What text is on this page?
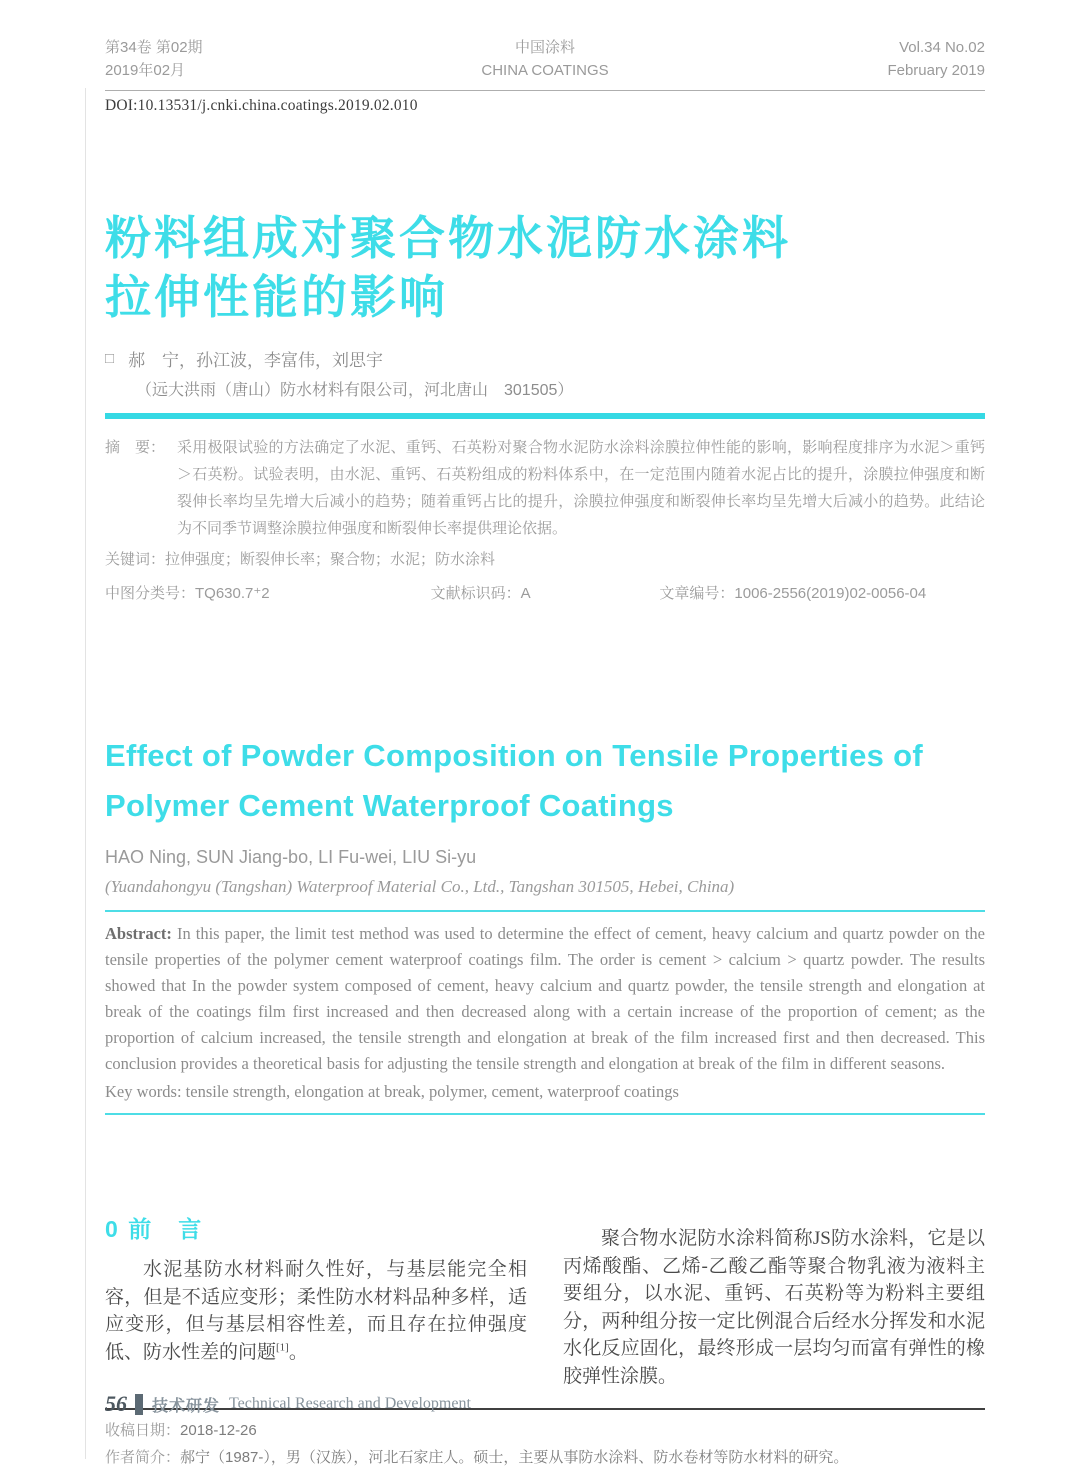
第34卷 第02期
2019年02月
中国涂料
CHINA COATINGS
Vol.34 No.02
February 2019
DOI:10.13531/j.cnki.china.coatings.2019.02.010
粉料组成对聚合物水泥防水涂料
拉伸性能的影响
□ 郝　宁，孙江波，李富伟，刘思宇
（远大洪雨（唐山）防水材料有限公司，河北唐山　301505）
摘　要： 采用极限试验的方法确定了水泥、重钙、石英粉对聚合物水泥防水涂料涂膜拉伸性能的影响，影响程度排序为水泥＞重钙＞石英粉。试验表明，由水泥、重钙、石英粉组成的粉料体系中，在一定范围内随着水泥占比的提升，涂膜拉伸强度和断裂伸长率均呈先增大后减小的趋势；随着重钙占比的提升，涂膜拉伸强度和断裂伸长率均呈先增大后减小的趋势。此结论为不同季节调整涂膜拉伸强度和断裂伸长率提供理论依据。
关键词：拉伸强度；断裂伸长率；聚合物；水泥；防水涂料
中图分类号：TQ630.7⁺2	文献标识码：A	文章编号：1006-2556(2019)02-0056-04
Effect of Powder Composition on Tensile Properties of
Polymer Cement Waterproof Coatings
HAO Ning, SUN Jiang-bo, LI Fu-wei, LIU Si-yu
(Yuandahongyu (Tangshan) Waterproof Material Co., Ltd., Tangshan 301505, Hebei, China)
Abstract: In this paper, the limit test method was used to determine the effect of cement, heavy calcium and quartz powder on the tensile properties of the polymer cement waterproof coatings film. The order is cement > calcium > quartz powder. The results showed that In the powder system composed of cement, heavy calcium and quartz powder, the tensile strength and elongation at break of the coatings film first increased and then decreased along with a certain increase of the proportion of cement; as the proportion of calcium increased, the tensile strength and elongation at break of the film increased first and then decreased. This conclusion provides a theoretical basis for adjusting the tensile strength and elongation at break of the film in different seasons.
Key words: tensile strength, elongation at break, polymer, cement, waterproof coatings
0 前　言

水泥基防水材料耐久性好，与基层能完全相容，但是不适应变形；柔性防水材料品种多样，适应变形，但与基层相容性差，而且存在拉伸强度低、防水性差的问题[1]。

聚合物水泥防水涂料简称JS防水涂料，它是以丙烯酸酯、乙烯-乙酸乙酯等聚合物乳液为液料主要组分，以水泥、重钙、石英粉等为粉料主要组分，两种组分按一定比例混合后经水分挥发和水泥水化反应固化，最终形成一层均匀而富有弹性的橡胶弹性涂膜。

收稿日期：2018-12-26
作者简介：郝宁（1987-），男（汉族），河北石家庄人。硕士，主要从事防水涂料、防水卷材等防水材料的研究。
56 技术研发 Technical Research and Development
